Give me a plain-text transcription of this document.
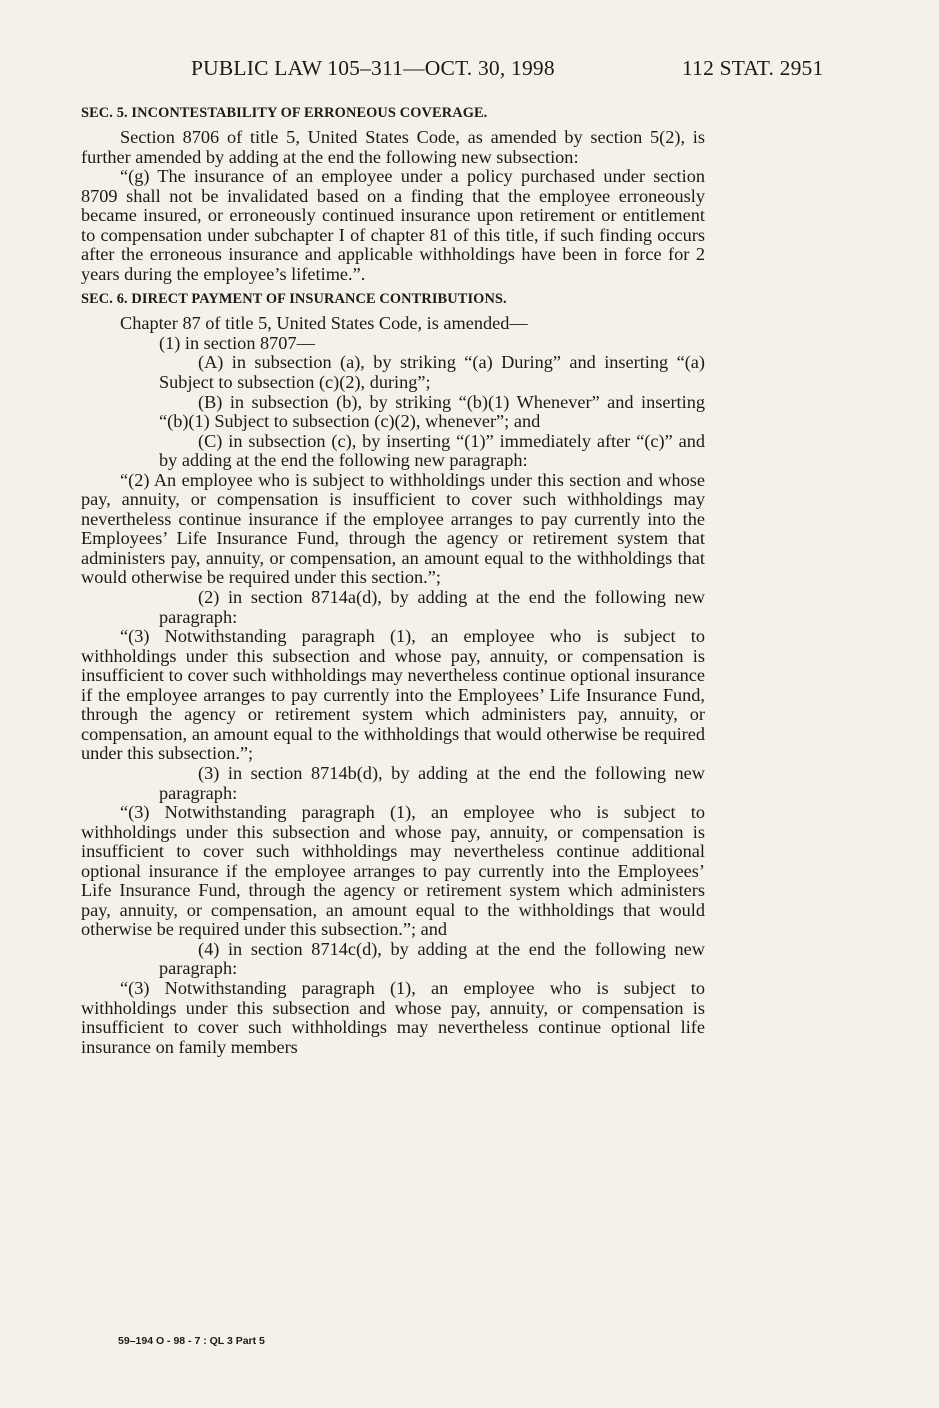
PUBLIC LAW 105–311—OCT. 30, 1998	112 STAT. 2951
SEC. 5. INCONTESTABILITY OF ERRONEOUS COVERAGE.

Section 8706 of title 5, United States Code, as amended by section 5(2), is further amended by adding at the end the following new subsection:

“(g) The insurance of an employee under a policy purchased under section 8709 shall not be invalidated based on a finding that the employee erroneously became insured, or erroneously continued insurance upon retirement or entitlement to compensation under subchapter I of chapter 81 of this title, if such finding occurs after the erroneous insurance and applicable withholdings have been in force for 2 years during the employee’s lifetime.”.

SEC. 6. DIRECT PAYMENT OF INSURANCE CONTRIBUTIONS.

Chapter 87 of title 5, United States Code, is amended—

(1) in section 8707—

(A) in subsection (a), by striking “(a) During” and inserting “(a) Subject to subsection (c)(2), during”;

(B) in subsection (b), by striking “(b)(1) Whenever” and inserting “(b)(1) Subject to subsection (c)(2), whenever”; and

(C) in subsection (c), by inserting “(1)” immediately after “(c)” and by adding at the end the following new paragraph:

“(2) An employee who is subject to withholdings under this section and whose pay, annuity, or compensation is insufficient to cover such withholdings may nevertheless continue insurance if the employee arranges to pay currently into the Employees’ Life Insurance Fund, through the agency or retirement system that administers pay, annuity, or compensation, an amount equal to the withholdings that would otherwise be required under this section.”;

(2) in section 8714a(d), by adding at the end the following new paragraph:

“(3) Notwithstanding paragraph (1), an employee who is subject to withholdings under this subsection and whose pay, annuity, or compensation is insufficient to cover such withholdings may nevertheless continue optional insurance if the employee arranges to pay currently into the Employees’ Life Insurance Fund, through the agency or retirement system which administers pay, annuity, or compensation, an amount equal to the withholdings that would otherwise be required under this subsection.”;

(3) in section 8714b(d), by adding at the end the following new paragraph:

“(3) Notwithstanding paragraph (1), an employee who is subject to withholdings under this subsection and whose pay, annuity, or compensation is insufficient to cover such withholdings may nevertheless continue additional optional insurance if the employee arranges to pay currently into the Employees’ Life Insurance Fund, through the agency or retirement system which administers pay, annuity, or compensation, an amount equal to the withholdings that would otherwise be required under this subsection.”; and

(4) in section 8714c(d), by adding at the end the following new paragraph:

“(3) Notwithstanding paragraph (1), an employee who is subject to withholdings under this subsection and whose pay, annuity, or compensation is insufficient to cover such withholdings may nevertheless continue optional life insurance on family members

59–194 O - 98 - 7 : QL 3 Part 5
